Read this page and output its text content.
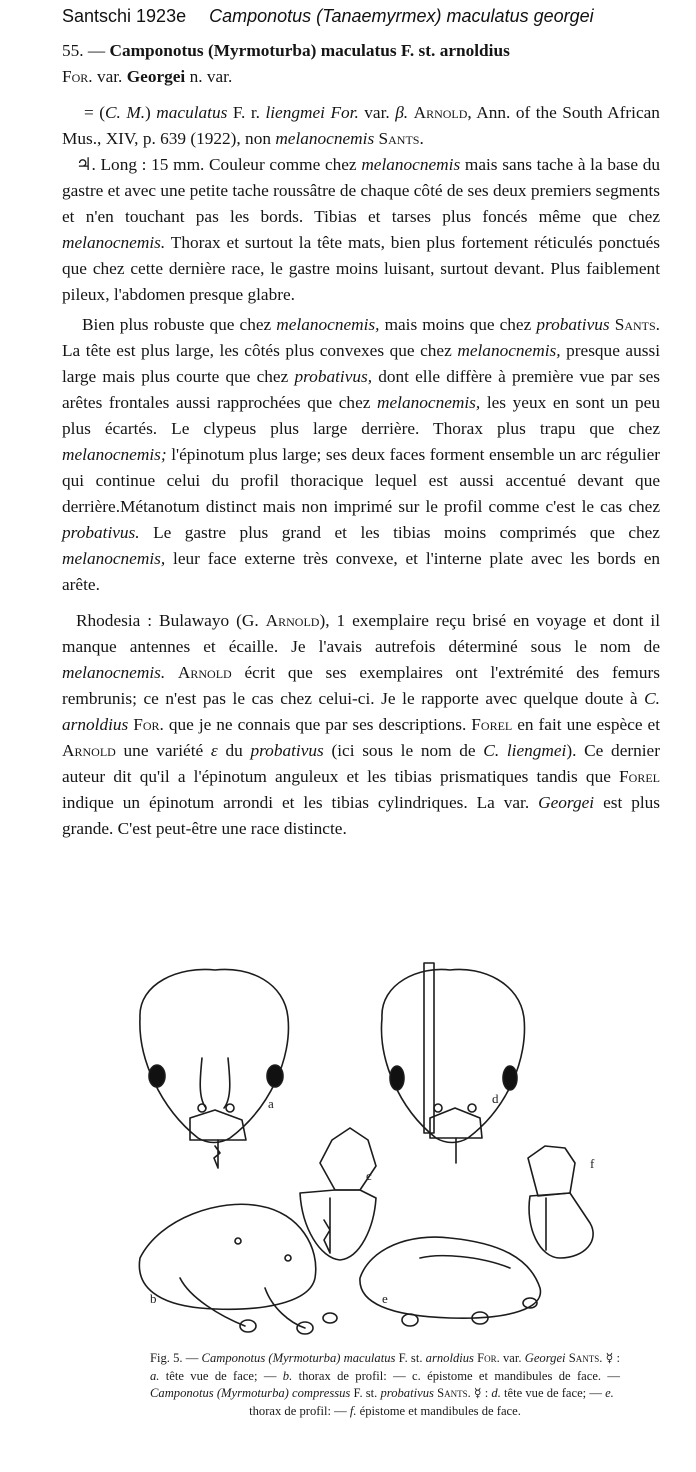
Santschi 1923e Camponotus (Tanaemyrmex) maculatus georgei

55. — Camponotus (Myrmoturba) maculatus F. st. arnoldius
For. var. Georgei n. var.

= (C. M.) maculatus F. r. liengmei For. var. β. Arnold, Ann. of the South African Mus., XIV, p. 639 (1922), non melanocnemis Sants.

♃. Long : 15 mm. Couleur comme chez melanocnemis mais sans tache à la base du gastre et avec une petite tache roussâtre de chaque côté de ses deux premiers segments et n'en touchant pas les bords. Tibias et tarses plus foncés même que chez melanocnemis. Thorax et surtout la tête mats, bien plus fortement réticulés ponctués que chez cette dernière race, le gastre moins luisant, surtout devant. Plus faiblement pileux, l'abdomen presque glabre.

Bien plus robuste que chez melanocnemis, mais moins que chez probativus Sants. La tête est plus large, les côtés plus convexes que chez melanocnemis, presque aussi large mais plus courte que chez probativus, dont elle diffère à première vue par ses arêtes frontales aussi rapprochées que chez melanocnemis, les yeux en sont un peu plus écartés. Le clypeus plus large derrière. Thorax plus trapu que chez melanocnemis; l'épinotum plus large; ses deux faces forment ensemble un arc régulier qui continue celui du profil thoracique lequel est aussi accentué devant que derrière.Métanotum distinct mais non imprimé sur le profil comme c'est le cas chez probativus. Le gastre plus grand et les tibias moins comprimés que chez melanocnemis, leur face externe très convexe, et l'interne plate avec les bords en arête.

Rhodesia : Bulawayo (G. Arnold), 1 exemplaire reçu brisé en voyage et dont il manque antennes et écaille. Je l'avais autrefois déterminé sous le nom de melanocnemis. Arnold écrit que ses exemplaires ont l'extrémité des femurs rembrunis; ce n'est pas le cas chez celui-ci. Je le rapporte avec quelque doute à C. arnoldius For. que je ne connais que par ses descriptions. Forel en fait une espèce et Arnold une variété ε du probativus (ici sous le nom de C. liengmei). Ce dernier auteur dit qu'il a l'épinotum anguleux et les tibias prismatiques tandis que Forel indique un épinotum arrondi et les tibias cylindriques. La var. Georgei est plus grande. C'est peut-être une race distincte.

a
b
c
d
e
f
Fig. 5. — Camponotus (Myrmoturba) maculatus F. st. arnoldius For. var. Georgei Sants. ☿ : a. tête vue de face; — b. thorax de profil: — c. épistome et mandibules de face. — Camponotus (Myrmoturba) compressus F. st. probativus Sants. ☿ : d. tête vue de face; — e.
thorax de profil: — f. épistome et mandibules de face.
